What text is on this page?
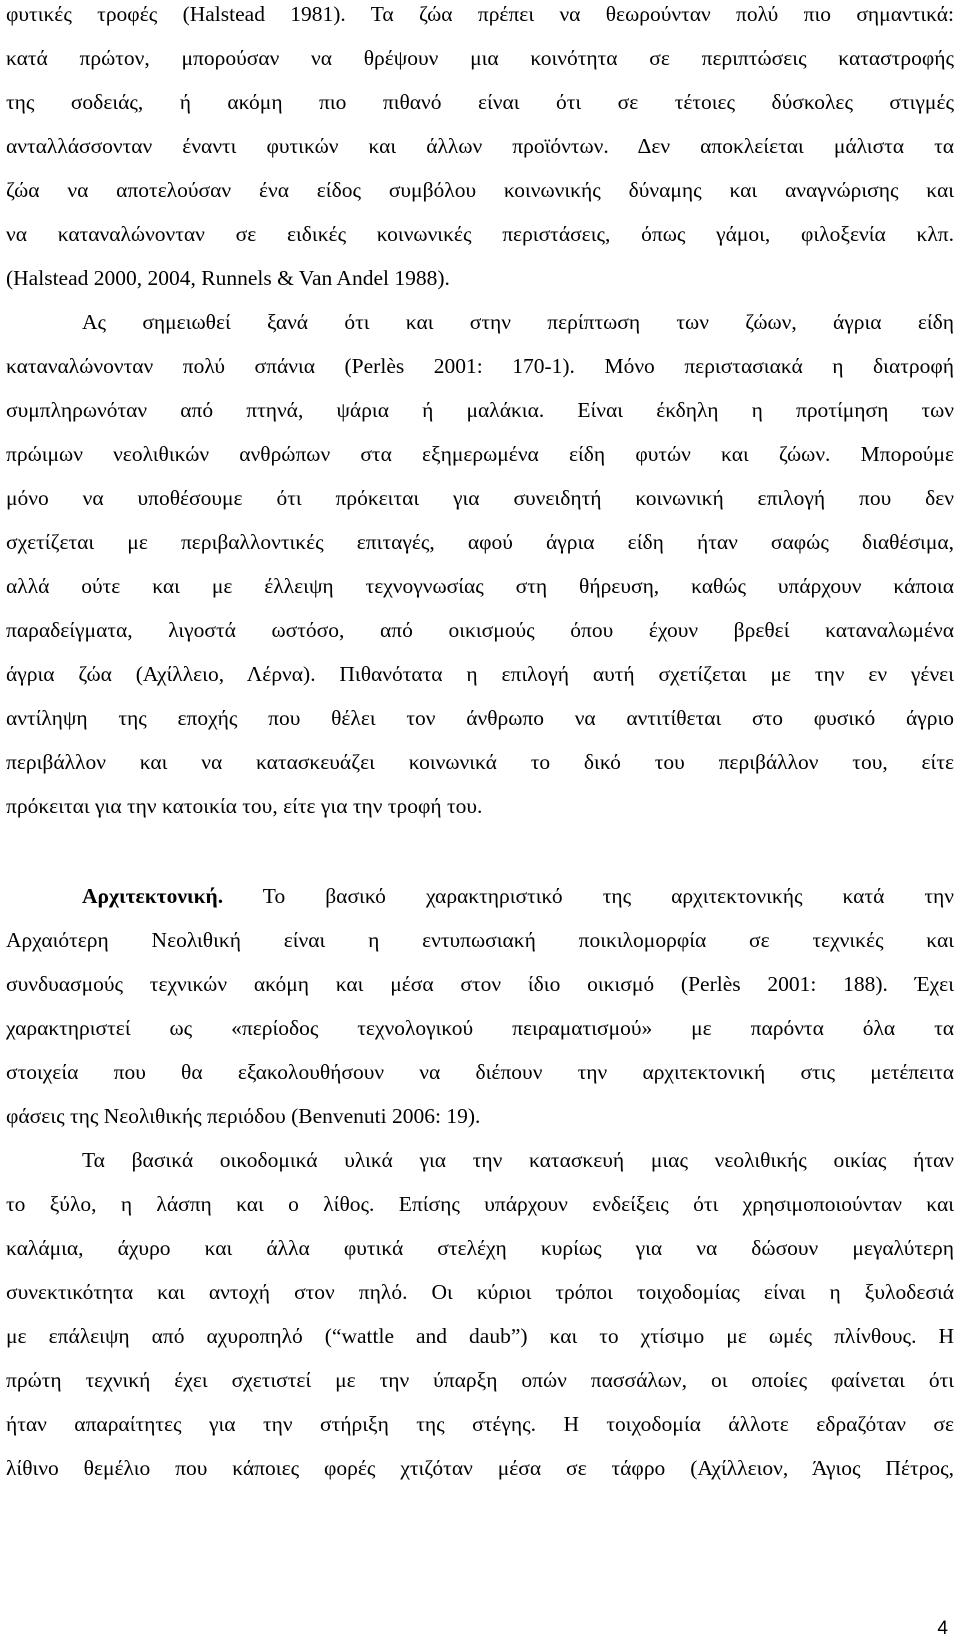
φυτικές τροφές (Halstead 1981). Τα ζώα πρέπει να θεωρούνταν πολύ πιο σημαντικά:
κατά πρώτον, μπορούσαν να θρέψουν μια κοινότητα σε περιπτώσεις καταστροφής
της σοδειάς, ή ακόμη πιο πιθανό είναι ότι σε τέτοιες δύσκολες στιγμές
ανταλλάσσονταν έναντι φυτικών και άλλων προϊόντων. Δεν αποκλείεται μάλιστα τα
ζώα να αποτελούσαν ένα είδος συμβόλου κοινωνικής δύναμης και αναγνώρισης και
να καταναλώνονταν σε ειδικές κοινωνικές περιστάσεις, όπως γάμοι, φιλοξενία κλπ.
(Halstead 2000, 2004, Runnels & Van Andel 1988).
Ας σημειωθεί ξανά ότι και στην περίπτωση των ζώων, άγρια είδη
καταναλώνονταν πολύ σπάνια (Perlès 2001: 170-1). Μόνο περιστασιακά η διατροφή
συμπληρωνόταν από πτηνά, ψάρια ή μαλάκια. Είναι έκδηλη η προτίμηση των
πρώιμων νεολιθικών ανθρώπων στα εξημερωμένα είδη φυτών και ζώων. Μπορούμε
μόνο να υποθέσουμε ότι πρόκειται για συνειδητή κοινωνική επιλογή που δεν
σχετίζεται με περιβαλλοντικές επιταγές, αφού άγρια είδη ήταν σαφώς διαθέσιμα,
αλλά ούτε και με έλλειψη τεχνογνωσίας στη θήρευση, καθώς υπάρχουν κάποια
παραδείγματα, λιγοστά ωστόσο, από οικισμούς όπου έχουν βρεθεί καταναλωμένα
άγρια ζώα (Αχίλλειο, Λέρνα). Πιθανότατα η επιλογή αυτή σχετίζεται με την εν γένει
αντίληψη της εποχής που θέλει τον άνθρωπο να αντιτίθεται στο φυσικό άγριο
περιβάλλον και να κατασκευάζει κοινωνικά το δικό του περιβάλλον του, είτε
πρόκειται για την κατοικία του, είτε για την τροφή του.
Αρχιτεκτονική. Το βασικό χαρακτηριστικό της αρχιτεκτονικής κατά την
Αρχαιότερη Νεολιθική είναι η εντυπωσιακή ποικιλομορφία σε τεχνικές και
συνδυασμούς τεχνικών ακόμη και μέσα στον ίδιο οικισμό (Perlès 2001: 188). Έχει
χαρακτηριστεί ως «περίοδος τεχνολογικού πειραματισμού» με παρόντα όλα τα
στοιχεία που θα εξακολουθήσουν να διέπουν την αρχιτεκτονική στις μετέπειτα
φάσεις της Νεολιθικής περιόδου (Benvenuti 2006: 19).
Τα βασικά οικοδομικά υλικά για την κατασκευή μιας νεολιθικής οικίας ήταν
το ξύλο, η λάσπη και ο λίθος. Επίσης υπάρχουν ενδείξεις ότι χρησιμοποιούνταν και
καλάμια, άχυρο και άλλα φυτικά στελέχη κυρίως για να δώσουν μεγαλύτερη
συνεκτικότητα και αντοχή στον πηλό. Οι κύριοι τρόποι τοιχοδομίας είναι η ξυλοδεσιά
με επάλειψη από αχυροπηλό (“wattle and daub”) και το χτίσιμο με ωμές πλίνθους. Η
πρώτη τεχνική έχει σχετιστεί με την ύπαρξη οπών πασσάλων, οι οποίες φαίνεται ότι
ήταν απαραίτητες για την στήριξη της στέγης. Η τοιχοδομία άλλοτε εδραζόταν σε
λίθινο θεμέλιο που κάποιες φορές χτιζόταν μέσα σε τάφρο (Αχίλλειον, Άγιος Πέτρος,
4
